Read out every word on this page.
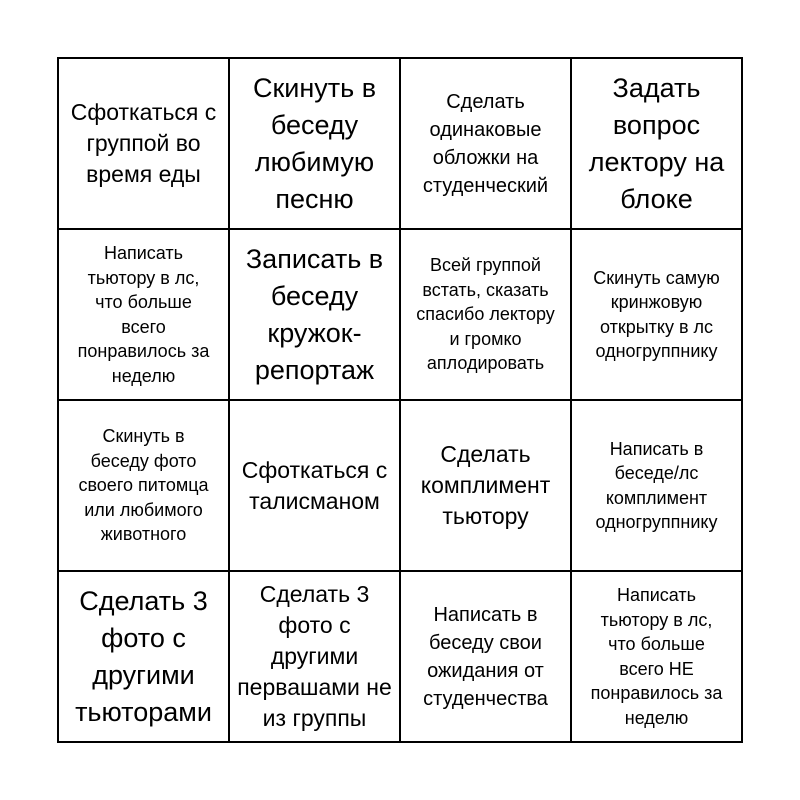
Сфоткаться с группой во время еды
Скинуть в беседу любимую песню
Сделать одинаковые обложки на студенческий
Задать вопрос лектору на блоке
Написать тьютору в лс, что больше всего понравилось за неделю
Записать в беседу кружок-репортаж
Всей группой встать, сказать спасибо лектору и громко аплодировать
Скинуть самую кринжовую открытку в лс одногруппнику
Скинуть в беседу фото своего питомца или любимого животного
Сфоткаться с талисманом
Сделать комплимент тьютору
Написать в беседе/лс комплимент одногруппнику
Сделать 3 фото с другими тьюторами
Сделать 3 фото с другими первашами не из группы
Написать в беседу свои ожидания от студенчества
Написать тьютору в лс, что больше всего НЕ понравилось за неделю
